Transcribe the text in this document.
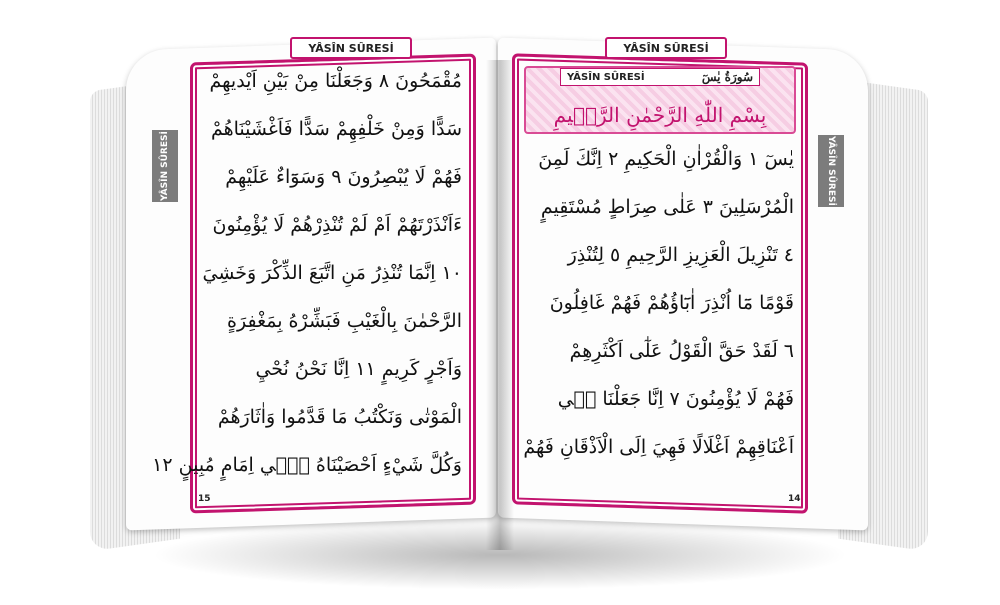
YÂSÎN SÛRESİ	YÂSÎN SÛRESİ
YÂSÎN SÛRESİ	YÂSÎN SÛRESİ
15	14
YÂSÎN SÛRESİ	سُورَةُ يٰسٓ
بِسْمِ اللّٰهِ الرَّحْمٰنِ الرَّحٖيمِ
مُقْمَحُونَ ٨ وَجَعَلْنَا مِنْ بَيْنِ اَيْديهِمْ
سَدًّا وَمِنْ خَلْفِهِمْ سَدًّا فَاَغْشَيْنَاهُمْ
فَهُمْ لَا يُبْصِرُونَ ٩ وَسَوَٓاءٌ عَلَيْهِمْ
ءَاَنْذَرْتَهُمْ اَمْ لَمْ تُنْذِرْهُمْ لَا يُؤْمِنُونَ
١٠ اِنَّمَا تُنْذِرُ مَنِ اتَّبَعَ الذِّكْرَ وَخَشِيَ
الرَّحْمٰنَ بِالْغَيْبِ فَبَشِّرْهُ بِمَغْفِرَةٍ
وَاَجْرٍ كَرِيمٍ ١١ اِنَّا نَحْنُ نُحْيِ
الْمَوْتٰى وَنَكْتُبُ مَا قَدَّمُوا وَاٰثَارَهُمْ
وَكُلَّ شَيْءٍ اَحْصَيْنَاهُ فٖٓي اِمَامٍ مُبِينٍ ١٢
يٰسٓ ١ وَالْقُرْاٰنِ الْحَكِيمِ ٢ اِنَّكَ لَمِنَ
الْمُرْسَلِينَ ٣ عَلٰى صِرَاطٍ مُسْتَقِيمٍ
٤ تَنْزِيلَ الْعَزِيزِ الرَّحِيمِ ٥ لِتُنْذِرَ
قَوْمًا مَٓا اُنْذِرَ اٰبَٓاؤُهُمْ فَهُمْ غَافِلُونَ
٦ لَقَدْ حَقَّ الْقَوْلُ عَلٰٓى اَكْثَرِهِمْ
فَهُمْ لَا يُؤْمِنُونَ ٧ اِنَّا جَعَلْنَا فٖي
اَعْنَاقِهِمْ اَغْلَالًا فَهِيَ اِلَى الْاَذْقَانِ فَهُمْ
